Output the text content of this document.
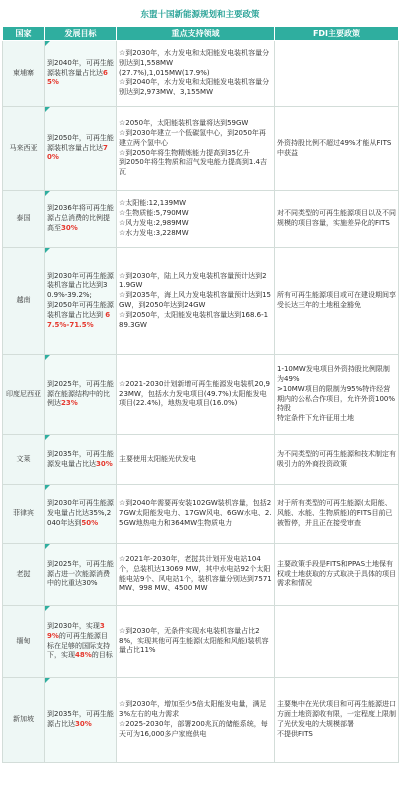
东盟十国新能源规划和主要政策
国家	发展目标	重点支持领域	FDI主要政策
柬埔寨	到2040年，可再生能源装机容量占比达65%	☆到2030年，水力发电和太阳能发电装机容量分别达到1,558MW
(27.7%),1,015MW(17.9%)
☆到2040年，水力发电和太阳能发电装机容量分别达到2,973MW、3,155MW	

马来西亚	到2050年，可再生能源装机容量占比达70%	☆2050年，太阳能装机容量将达到59GW
☆到2030年建立一个低碳氢中心，到2050年再建立两个氢中心
☆到2050年将生物精炼能力提高到35亿升
到2050年将生物质和沼气发电能力提高到1.4吉瓦	外资持股比例不超过49%才能从FITS中获益

泰国	到2036年将可再生能源占总消费的比例提高至30%	☆太阳能:12,139MW
☆生物质能:5,790MW
☆风力发电:2,989MW
☆水力发电:3,228MW	对不同类型的可再生能源项目以及不同规模的项目容量，实施差异化的FITS

越南	到2030年可再生能源装机容量占比达到30.9%-39.2%;
到2050年可再生能源装机容量占比达到 67.5%-71.5%	☆到2030年，陆上风力发电装机容量预计达到21.9GW
☆到2035年，海上风力发电装机容量预计达到15GW，到2050年达到24GW
☆到2050年，太阳能发电装机容量达到168.6-189.3GW	所有可再生能源项目或可在建设期间享受长达三年的土地租金豁免

印度尼西亚	到2025年，可再生能源在能源结构中的比例达23%	☆2021-2030计划新增可再生能源发电装机20,923MW，包括水力发电项目(49.7%)太阳能发电项目(22.4%)，地热发电项目(16.0%)	1-10MW发电项目外资持股比例限制为49%
>10MW项目的限制为95%特许经营期内的公私合作项目，允许外资100%持股
特定条件下允许征用土地

文莱	到2035年，可再生能源发电量占比达30%	主要使用太阳能光伏发电	为不同类型的可再生能源和技术制定有吸引力的外商投资政策

菲律宾	到2030年可再生能源发电量占比达35%,2040年达到50%	☆到2040年需要再安装102GW装机容量，包括27GW太阳能发电力、17GW风电、6GW水电、2.5GW地热电力和364MW生物质电力	对于所有类型的可再生能源(太阳能、风能、水能、生物质能)的FITS目前已被暂停，并且正在接受审查

老挝	到2025年，可再生能源占进一次能源消费中的比重达30%	☆2021年-2030年，老挝共计划开发电站104个，总装机达13069 MW，其中水电站92个太阳能电站9个、风电站1个，装机容量分别达到7571 MW、998 MW、4500 MW	主要政策手段是FITS和PPAS土地保有权或土地获取的方式取决于具体的项目需求和情况

缅甸	到2030年，实现39%的可再生能源目标在足够的国际支持下，实现48%的目标	☆到2030年，无条件实现水电装机容量占比28%，实现其他可再生能源(太阳能和风能)装机容量占比11%	

新加坡	到2035年，可再生能源占比达30%	☆到2030年，增加至少5倍太阳能发电量，满足3%左右的电力需求
☆2025-2030年，部署200兆瓦的储能系统，每天可为16,000多户家庭供电	主要集中在光伏项目和可再生能源进口方面土地资源收有限，一定程度上限制了光伏发电的大规模部署
不提供FITS
